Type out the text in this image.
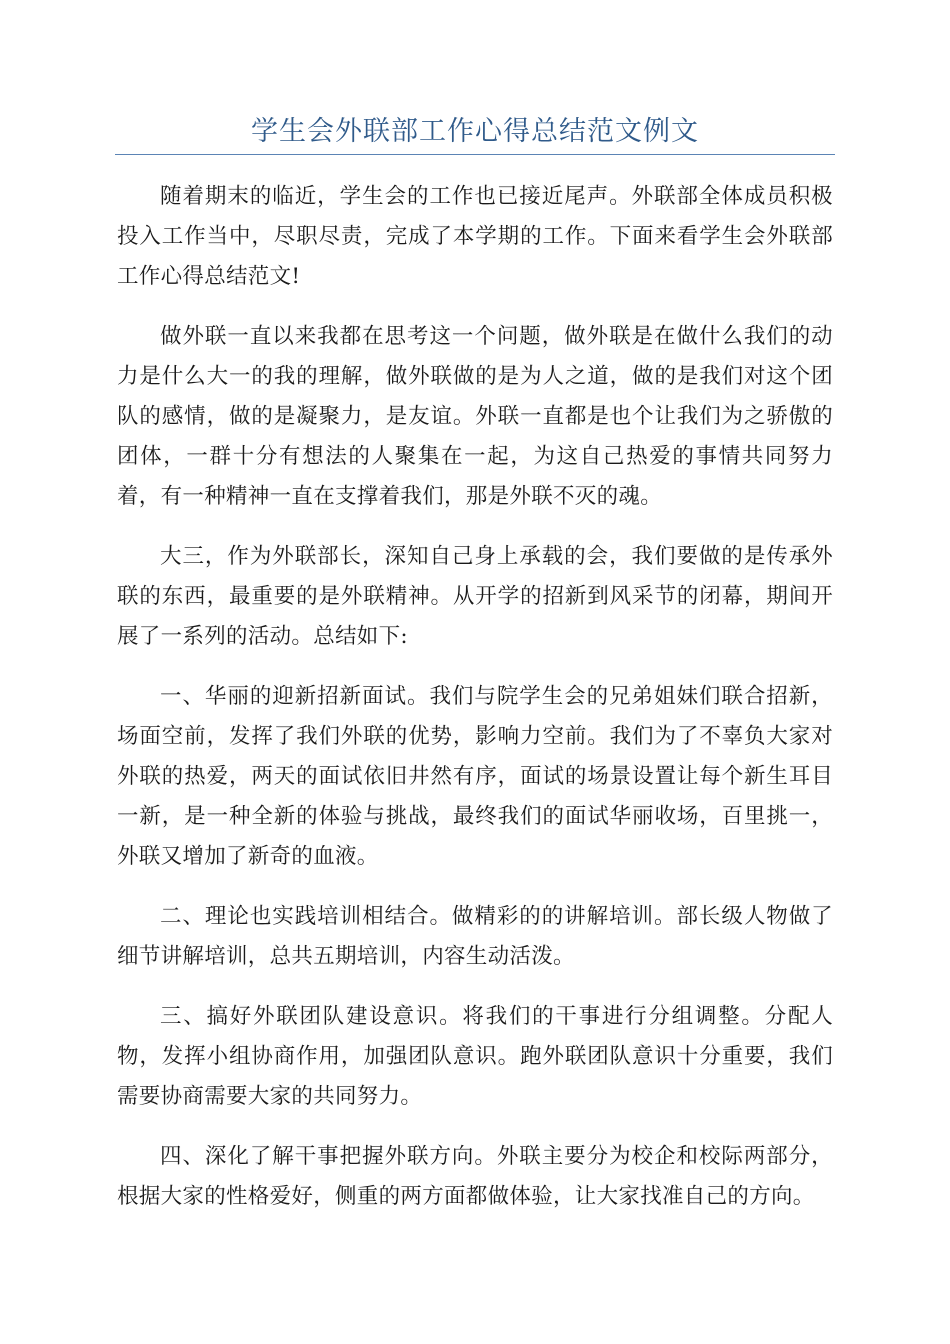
学生会外联部工作心得总结范文例文

随着期末的临近，学生会的工作也已接近尾声。外联部全体成员积极投入工作当中，尽职尽责，完成了本学期的工作。下面来看学生会外联部工作心得总结范文!

做外联一直以来我都在思考这一个问题，做外联是在做什么我们的动力是什么大一的我的理解，做外联做的是为人之道，做的是我们对这个团队的感情，做的是凝聚力，是友谊。外联一直都是也个让我们为之骄傲的团体，一群十分有想法的人聚集在一起，为这自己热爱的事情共同努力着，有一种精神一直在支撑着我们，那是外联不灭的魂。

大三，作为外联部长，深知自己身上承载的会，我们要做的是传承外联的东西，最重要的是外联精神。从开学的招新到风采节的闭幕，期间开展了一系列的活动。总结如下:

一、华丽的迎新招新面试。我们与院学生会的兄弟姐妹们联合招新，场面空前，发挥了我们外联的优势，影响力空前。我们为了不辜负大家对外联的热爱，两天的面试依旧井然有序，面试的场景设置让每个新生耳目一新，是一种全新的体验与挑战，最终我们的面试华丽收场，百里挑一，外联又增加了新奇的血液。

二、理论也实践培训相结合。做精彩的的讲解培训。部长级人物做了细节讲解培训，总共五期培训，内容生动活泼。

三、搞好外联团队建设意识。将我们的干事进行分组调整。分配人物，发挥小组协商作用，加强团队意识。跑外联团队意识十分重要，我们需要协商需要大家的共同努力。

四、深化了解干事把握外联方向。外联主要分为校企和校际两部分，根据大家的性格爱好，侧重的两方面都做体验，让大家找准自己的方向。
